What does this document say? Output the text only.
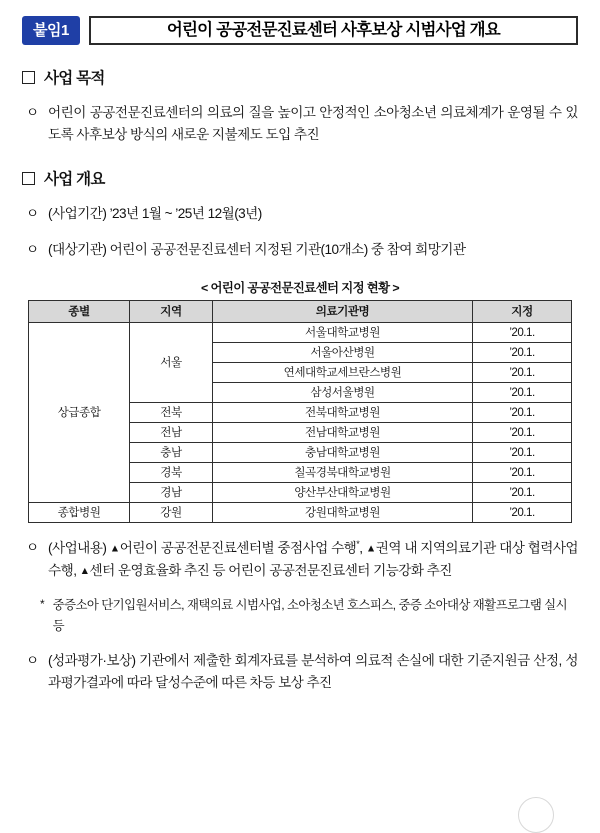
붙임1	어린이 공공전문진료센터 사후보상 시범사업 개요
사업 목적
ㅇ 어린이 공공전문진료센터의 의료의 질을 높이고 안정적인 소아청소년 의료체계가 운영될 수 있도록 사후보상 방식의 새로운 지불제도 도입 추진
사업 개요
ㅇ (사업기간) ’23년 1월 ~ ’25년 12월(3년)
ㅇ (대상기관) 어린이 공공전문진료센터 지정된 기관(10개소) 중 참여 희망기관
< 어린이 공공전문진료센터 지정 현황 >
종별	지역	의료기관명	지정
상급종합	서울	서울대학교병원	’20.1.
		서울아산병원	’20.1.
		연세대학교세브란스병원	’20.1.
		삼성서울병원	’20.1.
	전북	전북대학교병원	’20.1.
	전남	전남대학교병원	’20.1.
	충남	충남대학교병원	’20.1.
	경북	칠곡경북대학교병원	’20.1.
	경남	양산부산대학교병원	’20.1.
종합병원	강원	강원대학교병원	’20.1.
ㅇ (사업내용) ▲어린이 공공전문진료센터별 중점사업 수행*, ▲권역 내 지역의료기관 대상 협력사업 수행, ▲센터 운영효율화 추진 등 어린이 공공전문진료센터 기능강화 추진
* 중증소아 단기입원서비스, 재택의료 시범사업, 소아청소년 호스피스, 중증 소아대상 재활프로그램 실시 등
ㅇ (성과평가·보상) 기관에서 제출한 회계자료를 분석하여 의료적 손실에 대한 기준지원금 산정, 성과평가결과에 따라 달성수준에 따른 차등 보상 추진
